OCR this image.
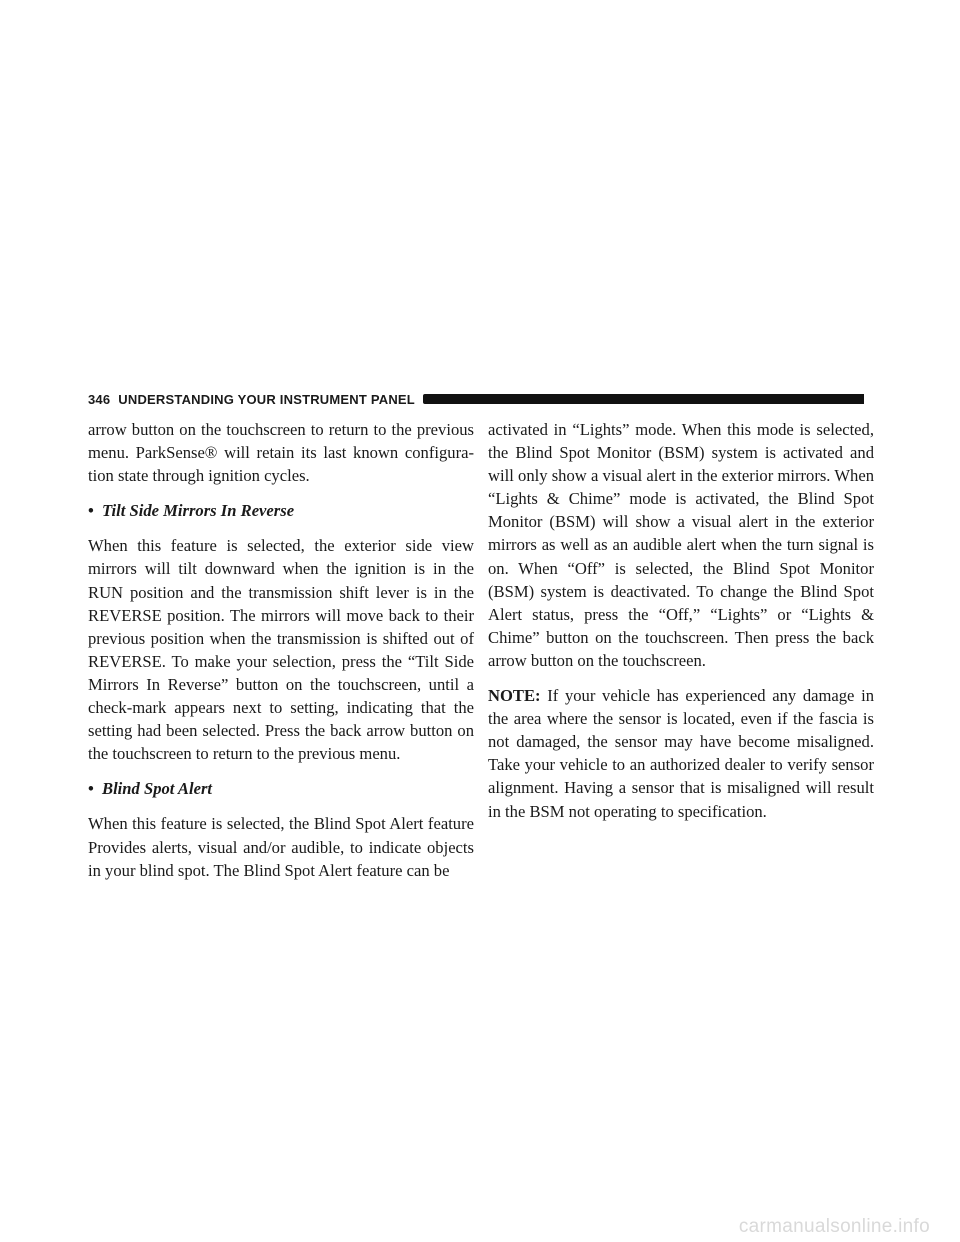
346 UNDERSTANDING YOUR INSTRUMENT PANEL

arrow button on the touchscreen to return to the previous menu. ParkSense® will retain its last known configura-tion state through ignition cycles.

• Tilt Side Mirrors In Reverse

When this feature is selected, the exterior side view mirrors will tilt downward when the ignition is in the RUN position and the transmission shift lever is in the REVERSE position. The mirrors will move back to their previous position when the transmission is shifted out of REVERSE. To make your selection, press the “Tilt Side Mirrors In Reverse” button on the touchscreen, until a check-mark appears next to setting, indicating that the setting had been selected. Press the back arrow button on the touchscreen to return to the previous menu.

• Blind Spot Alert

When this feature is selected, the Blind Spot Alert feature Provides alerts, visual and/or audible, to indicate objects in your blind spot. The Blind Spot Alert feature can be

activated in “Lights” mode. When this mode is selected, the Blind Spot Monitor (BSM) system is activated and will only show a visual alert in the exterior mirrors. When “Lights & Chime” mode is activated, the Blind Spot Monitor (BSM) will show a visual alert in the exterior mirrors as well as an audible alert when the turn signal is on. When “Off” is selected, the Blind Spot Monitor (BSM) system is deactivated. To change the Blind Spot Alert status, press the “Off,” “Lights” or “Lights & Chime” button on the touchscreen. Then press the back arrow button on the touchscreen.

NOTE: If your vehicle has experienced any damage in the area where the sensor is located, even if the fascia is not damaged, the sensor may have become misaligned. Take your vehicle to an authorized dealer to verify sensor alignment. Having a sensor that is misaligned will result in the BSM not operating to specification.

carmanualsonline.info
